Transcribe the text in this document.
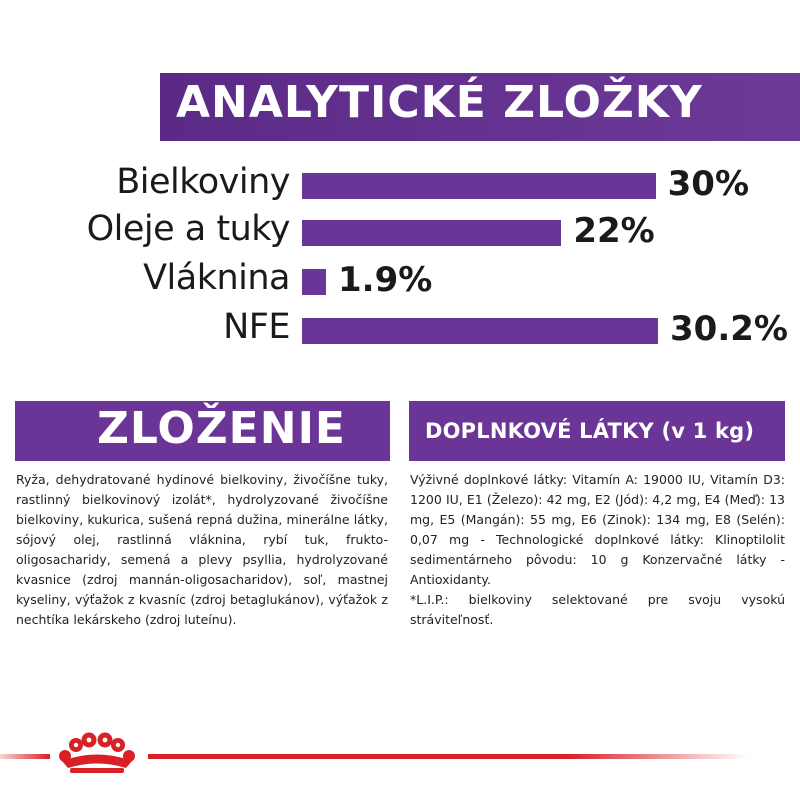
ANALYTICKÉ ZLOŽKY
Bielkoviny	30%
Oleje a tuky	22%
Vláknina 1.9%
NFE	30.2%
ZLOŽENIE	DOPLNKOVÉ LÁTKY (v 1 kg)

Ryža, dehydratované hydinové bielkoviny, živočíšne tuky, rastlinný bielkovinový izolát*, hydrolyzované živočíšne bielkoviny, kukurica, sušená repná dužina, minerálne látky, sójový olej, rastlinná vláknina, rybí tuk, frukto-oligosacharidy, semená a plevy psyllia, hydrolyzované kvasnice (zdroj mannán-oligosacharidov), soľ, mastnej kyseliny, výťažok z kvasníc (zdroj betaglukánov), výťažok z nechtíka lekárskeho (zdroj luteínu).

Výživné doplnkové látky: Vitamín A: 19000 IU, Vitamín D3: 1200 IU, E1 (Železo): 42 mg, E2 (Jód): 4,2 mg, E4 (Meď): 13 mg, E5 (Mangán): 55 mg, E6 (Zinok): 134 mg, E8 (Selén): 0,07 mg - Technologické doplnkové látky: Klinoptilolit sedimentárneho pôvodu: 10 g Konzervačné látky - Antioxidanty.

*L.I.P.: bielkoviny selektované pre svoju vysokú stráviteľnosť.
